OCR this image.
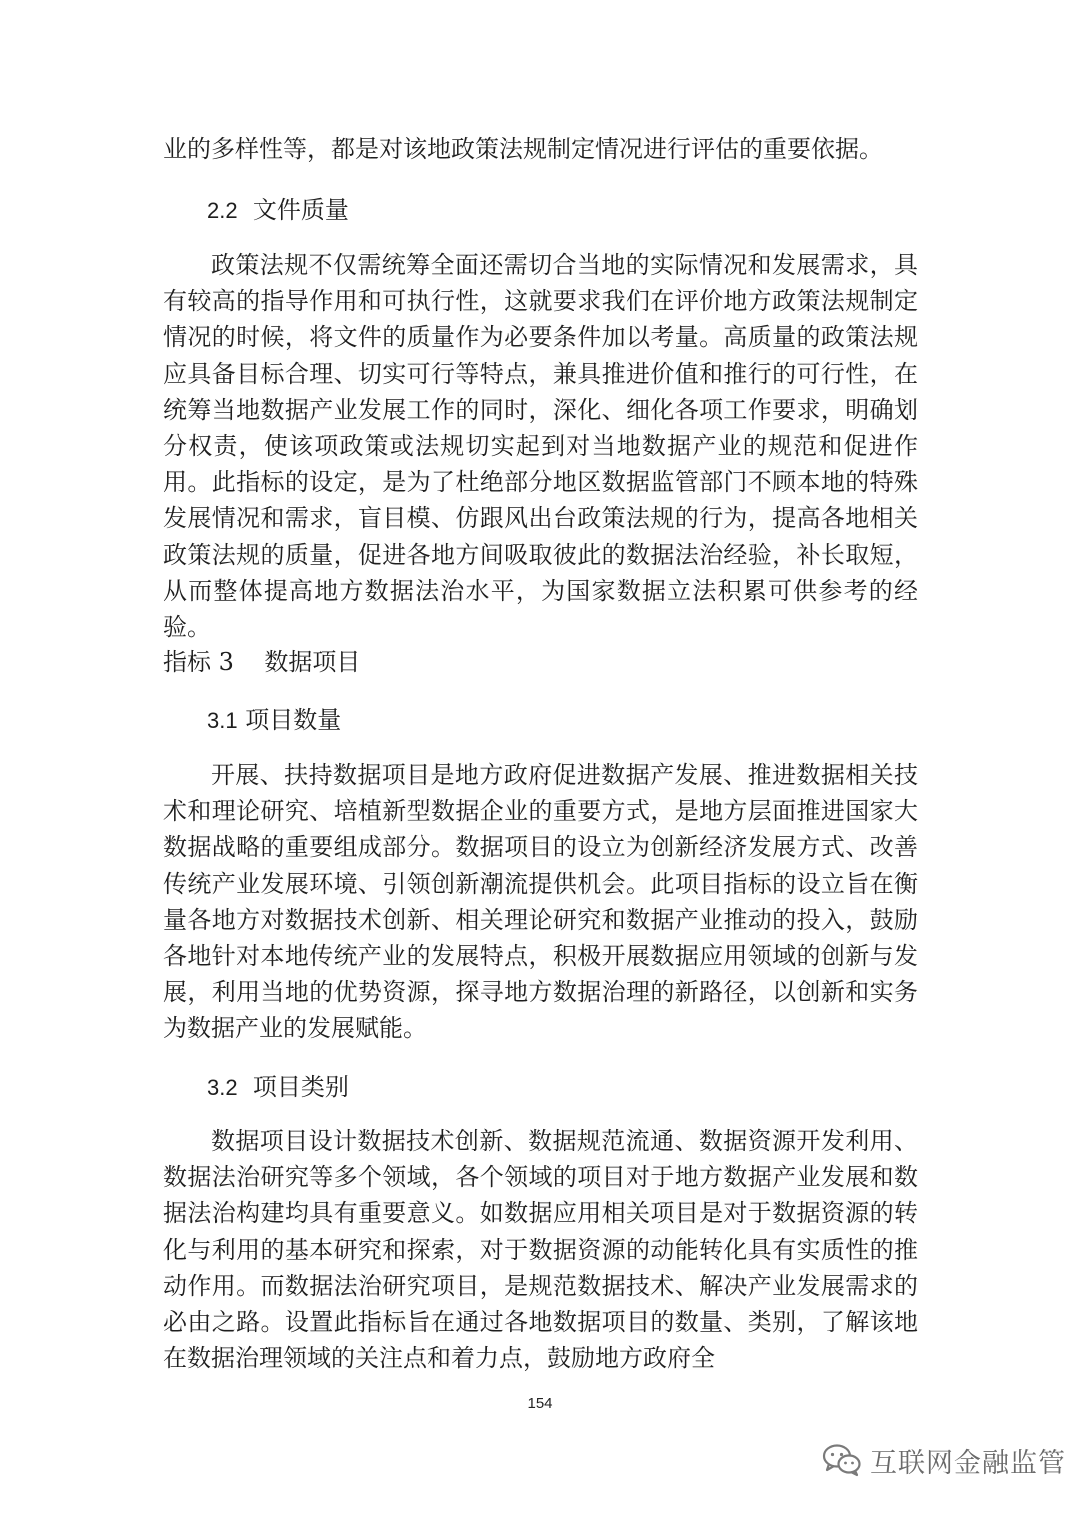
业的多样性等，都是对该地政策法规制定情况进行评估的重要依据。

2.2 文件质量

政策法规不仅需统筹全面还需切合当地的实际情况和发展需求，具有较高的指导作用和可执行性，这就要求我们在评价地方政策法规制定情况的时候，将文件的质量作为必要条件加以考量。高质量的政策法规应具备目标合理、切实可行等特点，兼具推进价值和推行的可行性，在统筹当地数据产业发展工作的同时，深化、细化各项工作要求，明确划分权责，使该项政策或法规切实起到对当地数据产业的规范和促进作用。此指标的设定，是为了杜绝部分地区数据监管部门不顾本地的特殊发展情况和需求，盲目模、仿跟风出台政策法规的行为，提高各地相关政策法规的质量，促进各地方间吸取彼此的数据法治经验，补长取短，从而整体提高地方数据法治水平，为国家数据立法积累可供参考的经验。

指标 3 数据项目

3.1 项目数量

开展、扶持数据项目是地方政府促进数据产发展、推进数据相关技术和理论研究、培植新型数据企业的重要方式，是地方层面推进国家大数据战略的重要组成部分。数据项目的设立为创新经济发展方式、改善传统产业发展环境、引领创新潮流提供机会。此项目指标的设立旨在衡量各地方对数据技术创新、相关理论研究和数据产业推动的投入，鼓励各地针对本地传统产业的发展特点，积极开展数据应用领域的创新与发展，利用当地的优势资源，探寻地方数据治理的新路径，以创新和实务为数据产业的发展赋能。

3.2 项目类别

数据项目设计数据技术创新、数据规范流通、数据资源开发利用、数据法治研究等多个领域，各个领域的项目对于地方数据产业发展和数据法治构建均具有重要意义。如数据应用相关项目是对于数据资源的转化与利用的基本研究和探索，对于数据资源的动能转化具有实质性的推动作用。而数据法治研究项目，是规范数据技术、解决产业发展需求的必由之路。设置此指标旨在通过各地数据项目的数量、类别，了解该地在数据治理领域的关注点和着力点，鼓励地方政府全

154
互联网金融监管
